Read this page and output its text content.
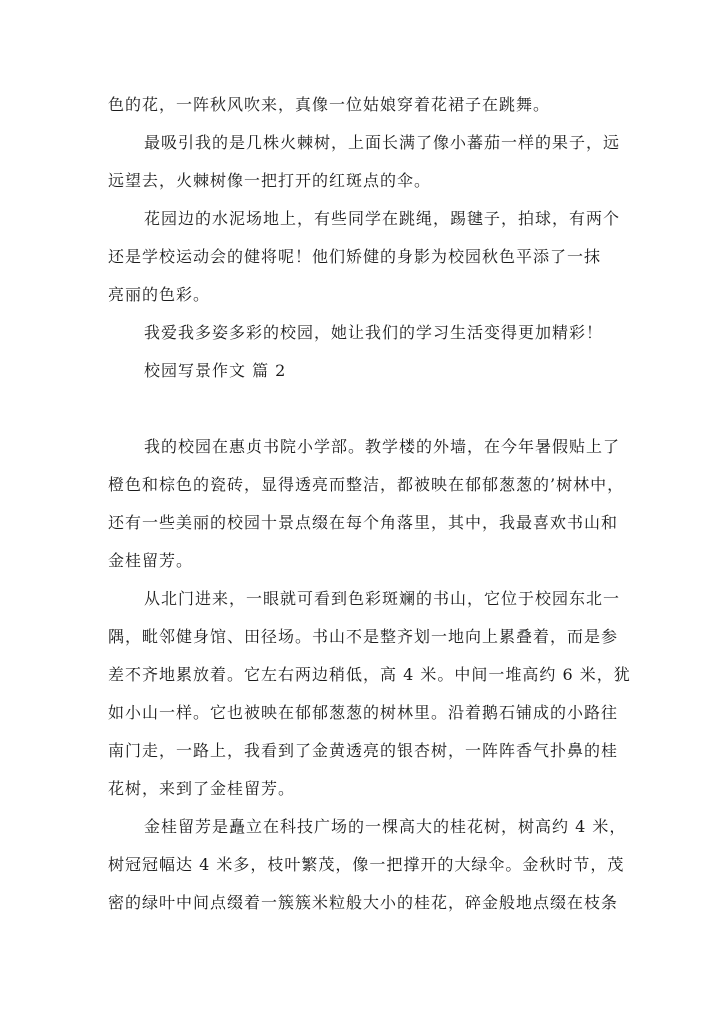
色的花，一阵秋风吹来，真像一位姑娘穿着花裙子在跳舞。
最吸引我的是几株火棘树，上面长满了像小蕃茄一样的果子，远
远望去，火棘树像一把打开的红斑点的伞。
花园边的水泥场地上，有些同学在跳绳，踢毽子，拍球，有两个
还是学校运动会的健将呢！他们矫健的身影为校园秋色平添了一抹
亮丽的色彩。
我爱我多姿多彩的校园，她让我们的学习生活变得更加精彩！
校园写景作文 篇 2
我的校园在惠贞书院小学部。教学楼的外墙，在今年暑假贴上了
橙色和棕色的瓷砖，显得透亮而整洁，都被映在郁郁葱葱的’树林中，
还有一些美丽的校园十景点缀在每个角落里，其中，我最喜欢书山和
金桂留芳。
从北门进来，一眼就可看到色彩斑斓的书山，它位于校园东北一
隅，毗邻健身馆、田径场。书山不是整齐划一地向上累叠着，而是参
差不齐地累放着。它左右两边稍低，高 4 米。中间一堆高约 6 米，犹
如小山一样。它也被映在郁郁葱葱的树林里。沿着鹅石铺成的小路往
南门走，一路上，我看到了金黄透亮的银杏树，一阵阵香气扑鼻的桂
花树，来到了金桂留芳。
金桂留芳是矗立在科技广场的一棵高大的桂花树，树高约 4 米，
树冠冠幅达 4 米多，枝叶繁茂，像一把撑开的大绿伞。金秋时节，茂
密的绿叶中间点缀着一簇簇米粒般大小的桂花，碎金般地点缀在枝条
